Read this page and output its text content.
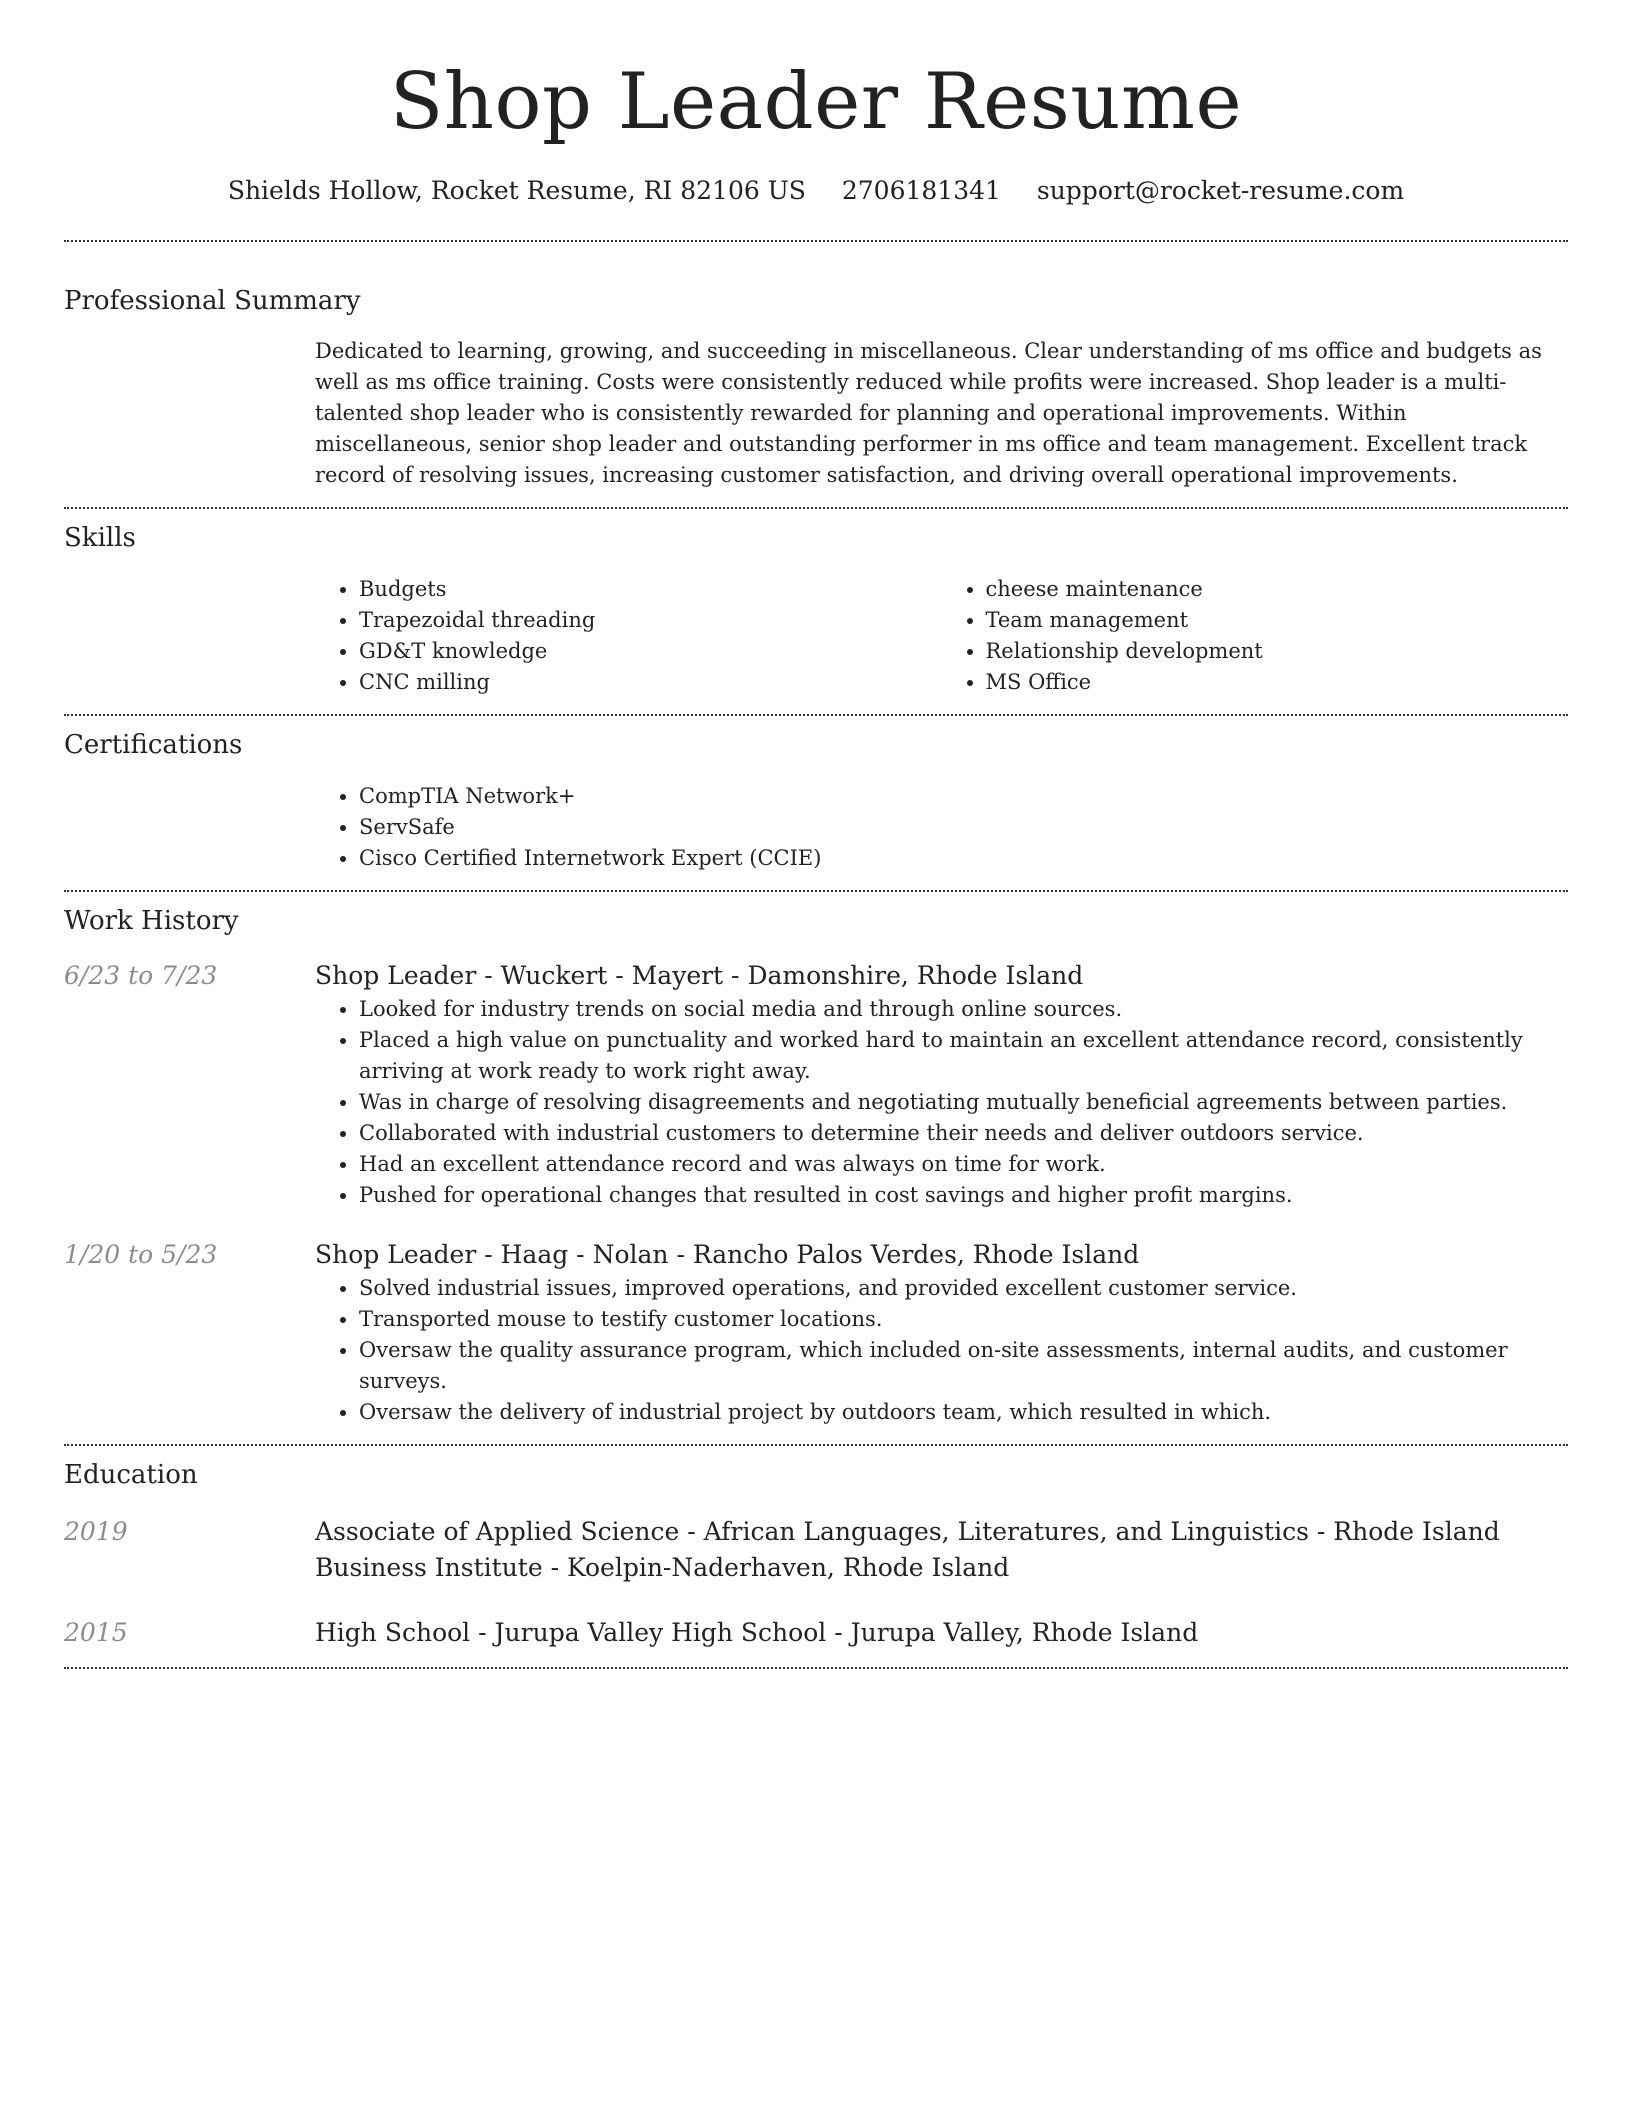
Shop Leader Resume
Shields Hollow, Rocket Resume, RI 82106 US 2706181341 support@rocket-resume.com
Professional Summary

Dedicated to learning, growing, and succeeding in miscellaneous. Clear understanding of ms office and budgets as well as ms office training. Costs were consistently reduced while profits were increased. Shop leader is a multi-talented shop leader who is consistently rewarded for planning and operational improvements. Within miscellaneous, senior shop leader and outstanding performer in ms office and team management. Excellent track record of resolving issues, increasing customer satisfaction, and driving overall operational improvements.

Skills
• Budgets
• Trapezoidal threading
• GD&T knowledge
• CNC milling
• cheese maintenance
• Team management
• Relationship development
• MS Office
Certifications
• CompTIA Network+
• ServSafe
• Cisco Certified Internetwork Expert (CCIE)
Work History
6/23 to 7/23	Shop Leader - Wuckert - Mayert - Damonshire, Rhode Island
• Looked for industry trends on social media and through online sources.
• Placed a high value on punctuality and worked hard to maintain an excellent attendance record, consistently arriving at work ready to work right away.
• Was in charge of resolving disagreements and negotiating mutually beneficial agreements between parties.
• Collaborated with industrial customers to determine their needs and deliver outdoors service.
• Had an excellent attendance record and was always on time for work.
• Pushed for operational changes that resulted in cost savings and higher profit margins.
1/20 to 5/23	Shop Leader - Haag - Nolan - Rancho Palos Verdes, Rhode Island
• Solved industrial issues, improved operations, and provided excellent customer service.
• Transported mouse to testify customer locations.
• Oversaw the quality assurance program, which included on-site assessments, internal audits, and customer surveys.
• Oversaw the delivery of industrial project by outdoors team, which resulted in which.
Education
2019	Associate of Applied Science - African Languages, Literatures, and Linguistics - Rhode Island Business Institute - Koelpin-Naderhaven, Rhode Island
2015	High School - Jurupa Valley High School - Jurupa Valley, Rhode Island
